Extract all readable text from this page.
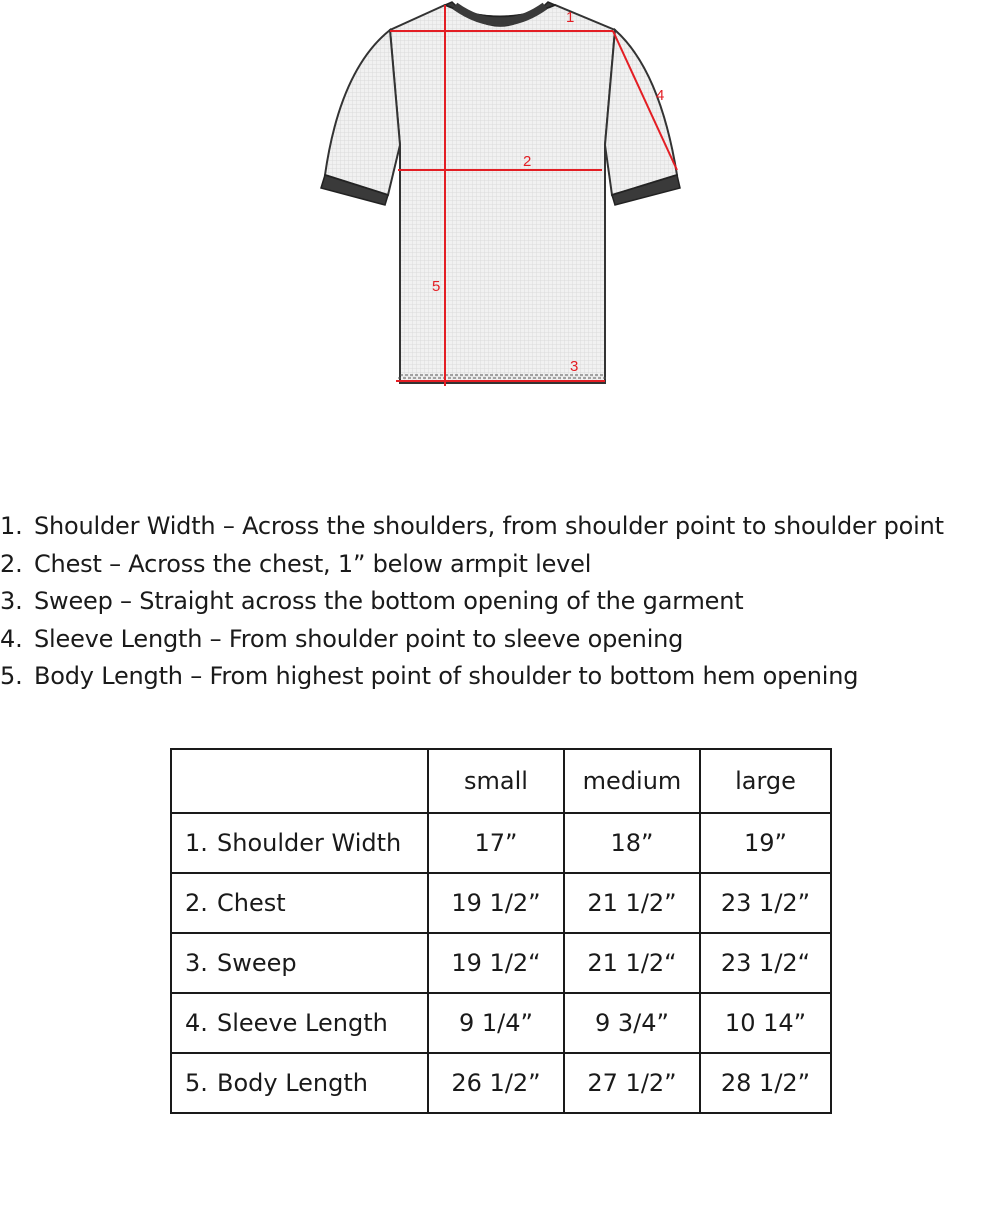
1
2
3
4
5
1. Shoulder Width – Across the shoulders, from shoulder point to shoulder point
2. Chest – Across the chest, 1” below armpit level
3. Sweep – Straight across the bottom opening of the garment
4. Sleeve Length – From shoulder point to sleeve opening
5. Body Length – From highest point of shoulder to bottom hem opening
	small	medium	large
1. Shoulder Width	17”	18”	19”
2. Chest	19 1/2”	21 1/2”	23 1/2”
3. Sweep	19 1/2“	21 1/2“	23 1/2“
4. Sleeve Length	9 1/4”	9 3/4”	10 14”
5. Body Length	26 1/2”	27 1/2”	28 1/2”
